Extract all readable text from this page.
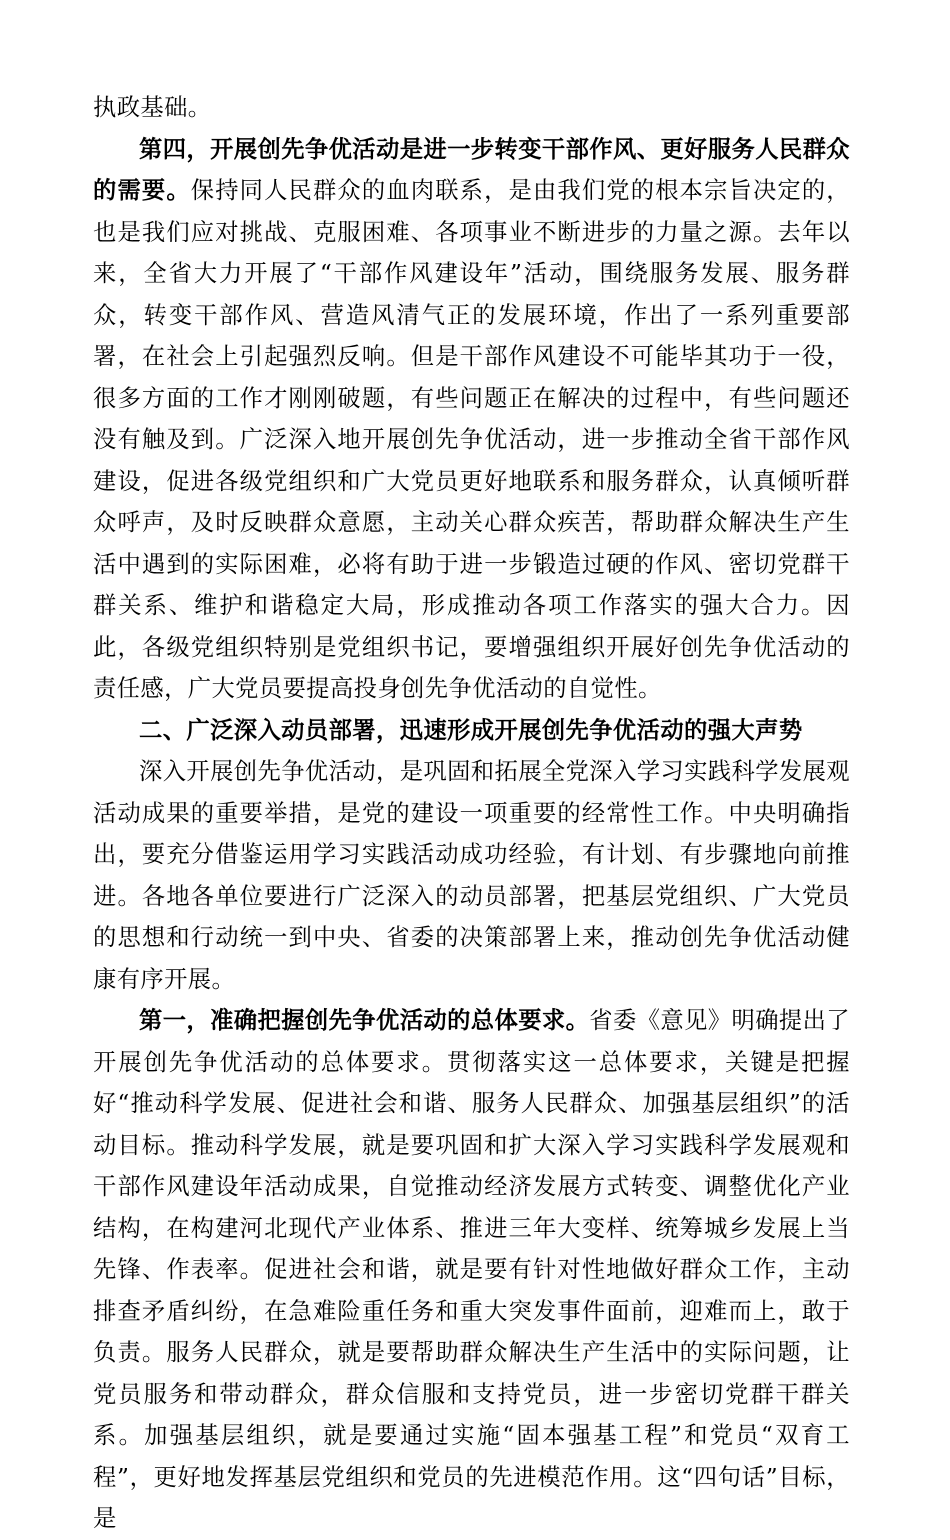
执政基础。

第四，开展创先争优活动是进一步转变干部作风、更好服务人民群众的需要。保持同人民群众的血肉联系，是由我们党的根本宗旨决定的，也是我们应对挑战、克服困难、各项事业不断进步的力量之源。去年以来，全省大力开展了“干部作风建设年”活动，围绕服务发展、服务群众，转变干部作风、营造风清气正的发展环境，作出了一系列重要部署，在社会上引起强烈反响。但是干部作风建设不可能毕其功于一役，很多方面的工作才刚刚破题，有些问题正在解决的过程中，有些问题还没有触及到。广泛深入地开展创先争优活动，进一步推动全省干部作风建设，促进各级党组织和广大党员更好地联系和服务群众，认真倾听群众呼声，及时反映群众意愿，主动关心群众疾苦，帮助群众解决生产生活中遇到的实际困难，必将有助于进一步锻造过硬的作风、密切党群干群关系、维护和谐稳定大局，形成推动各项工作落实的强大合力。因此，各级党组织特别是党组织书记，要增强组织开展好创先争优活动的责任感，广大党员要提高投身创先争优活动的自觉性。

二、广泛深入动员部署，迅速形成开展创先争优活动的强大声势

深入开展创先争优活动，是巩固和拓展全党深入学习实践科学发展观活动成果的重要举措，是党的建设一项重要的经常性工作。中央明确指出，要充分借鉴运用学习实践活动成功经验，有计划、有步骤地向前推进。各地各单位要进行广泛深入的动员部署，把基层党组织、广大党员的思想和行动统一到中央、省委的决策部署上来，推动创先争优活动健康有序开展。

第一，准确把握创先争优活动的总体要求。省委《意见》明确提出了开展创先争优活动的总体要求。贯彻落实这一总体要求，关键是把握好“推动科学发展、促进社会和谐、服务人民群众、加强基层组织”的活动目标。推动科学发展，就是要巩固和扩大深入学习实践科学发展观和干部作风建设年活动成果，自觉推动经济发展方式转变、调整优化产业结构，在构建河北现代产业体系、推进三年大变样、统筹城乡发展上当先锋、作表率。促进社会和谐，就是要有针对性地做好群众工作，主动排查矛盾纠纷，在急难险重任务和重大突发事件面前，迎难而上，敢于负责。服务人民群众，就是要帮助群众解决生产生活中的实际问题，让党员服务和带动群众，群众信服和支持党员，进一步密切党群干群关系。加强基层组织，就是要通过实施“固本强基工程”和党员“双育工程”，更好地发挥基层党组织和党员的先进模范作用。这“四句话”目标，是
